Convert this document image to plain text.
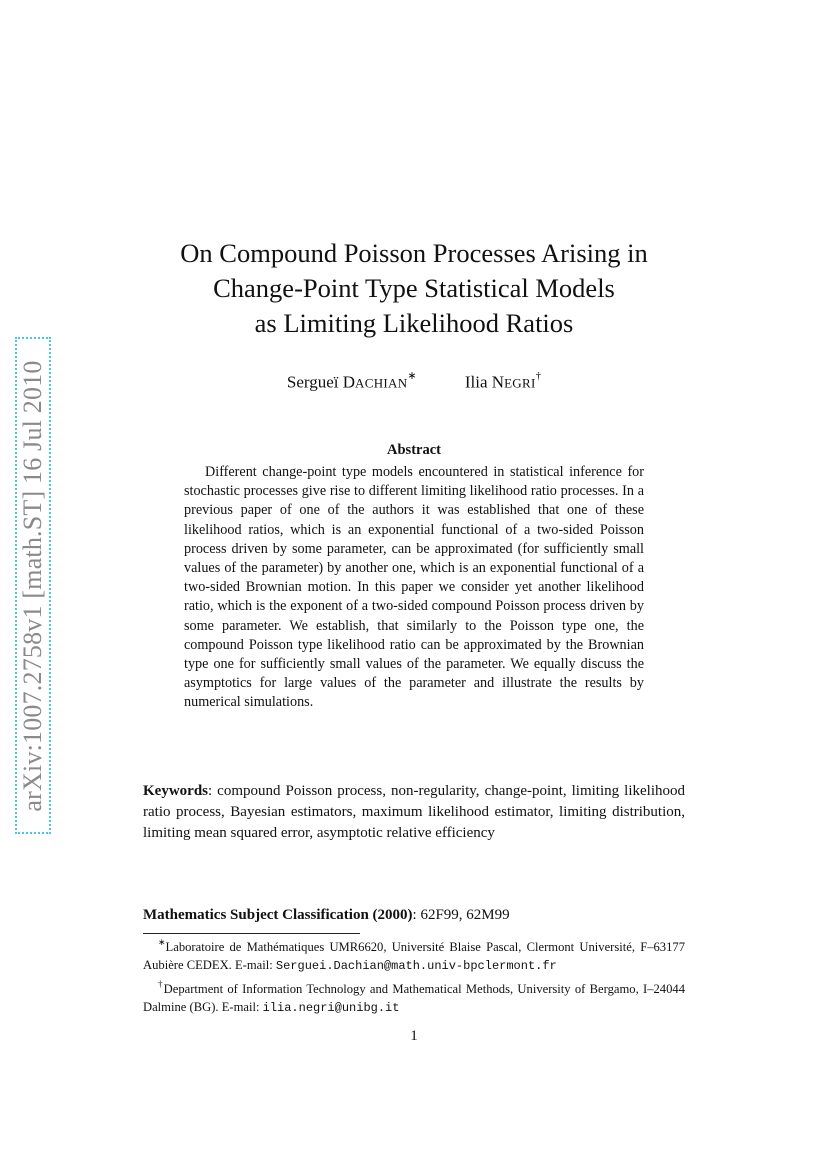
arXiv:1007.2758v1 [math.ST] 16 Jul 2010
On Compound Poisson Processes Arising in
Change-Point Type Statistical Models
as Limiting Likelihood Ratios
Sergueï DACHIAN∗	Ilia NEGRI†
Abstract

Different change-point type models encountered in statistical inference for stochastic processes give rise to different limiting likelihood ratio processes. In a previous paper of one of the authors it was established that one of these likelihood ratios, which is an exponential functional of a two-sided Poisson process driven by some parameter, can be approximated (for sufficiently small values of the parameter) by another one, which is an exponential functional of a two-sided Brownian motion. In this paper we consider yet another likelihood ratio, which is the exponent of a two-sided compound Poisson process driven by some parameter. We establish, that similarly to the Poisson type one, the compound Poisson type likelihood ratio can be approximated by the Brownian type one for sufficiently small values of the parameter. We equally discuss the asymptotics for large values of the parameter and illustrate the results by numerical simulations.

Keywords: compound Poisson process, non-regularity, change-point, limiting likelihood ratio process, Bayesian estimators, maximum likelihood estimator, limiting distribution, limiting mean squared error, asymptotic relative efficiency

Mathematics Subject Classification (2000): 62F99, 62M99

∗Laboratoire de Mathématiques UMR6620, Université Blaise Pascal, Clermont Université, F–63177 Aubière CEDEX. E-mail: Serguei.Dachian@math.univ-bpclermont.fr

†Department of Information Technology and Mathematical Methods, University of Bergamo, I–24044 Dalmine (BG). E-mail: ilia.negri@unibg.it

1
